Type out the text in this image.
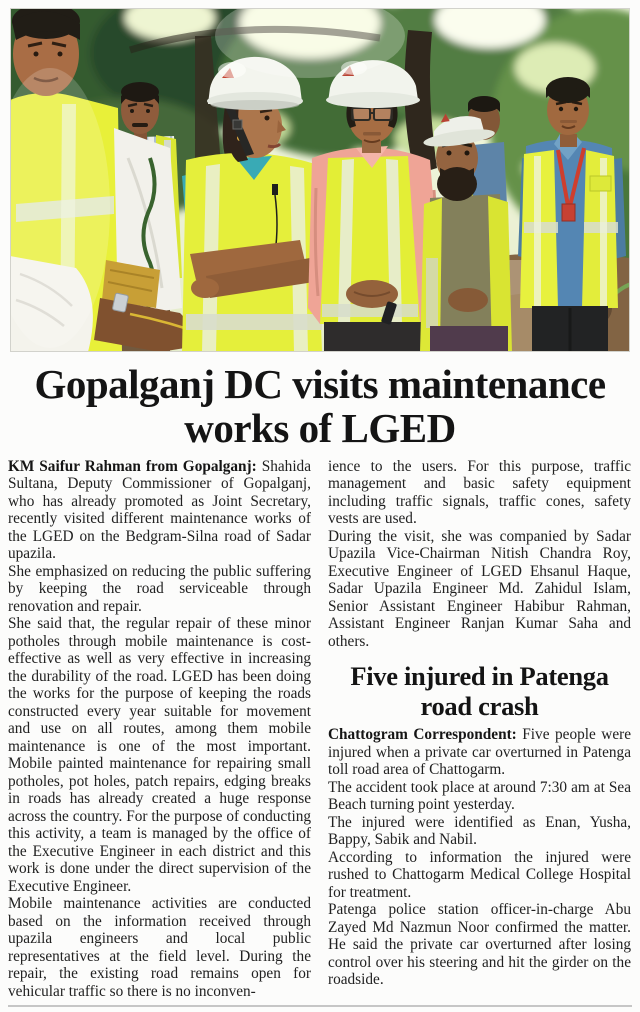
Gopalganj DC visits maintenance
works of LGED

KM Saifur Rahman from Gopalganj: Shahida Sultana, Deputy Commissioner of Gopalganj, who has already promoted as Joint Secretary, recently visited different maintenance works of the LGED on the Bedgram-Silna road of Sadar upazila.

She emphasized on reducing the public suffering by keeping the road serviceable through renovation and repair.

She said that, the regular repair of these minor potholes through mobile maintenance is cost-effective as well as very effective in increasing the durability of the road. LGED has been doing the works for the purpose of keeping the roads constructed every year suitable for movement and use on all routes, among them mobile maintenance is one of the most important. Mobile painted maintenance for repairing small potholes, pot holes, patch repairs, edging breaks in roads has already created a huge response across the country. For the purpose of conducting this activity, a team is managed by the office of the Executive Engineer in each district and this work is done under the direct supervision of the Executive Engineer.

Mobile maintenance activities are conducted based on the information received through upazila engineers and local public representatives at the field level. During the repair, the existing road remains open for vehicular traffic so there is no inconven-

ience to the users. For this purpose, traffic management and basic safety equipment including traffic signals, traffic cones, safety vests are used.

During the visit, she was companied by Sadar Upazila Vice-Chairman Nitish Chandra Roy, Executive Engineer of LGED Ehsanul Haque, Sadar Upazila Engineer Md. Zahidul Islam, Senior Assistant Engineer Habibur Rahman, Assistant Engineer Ranjan Kumar Saha and others.

Five injured in Patenga
road crash

Chattogram Correspondent: Five people were injured when a private car overturned in Patenga toll road area of Chattogarm.

The accident took place at around 7:30 am at Sea Beach turning point yesterday.

The injured were identified as Enan, Yusha, Bappy, Sabik and Nabil.

According to information the injured were rushed to Chattogarm Medical College Hospital for treatment.

Patenga police station officer-in-charge Abu Zayed Md Nazmun Noor confirmed the matter. He said the private car overturned after losing control over his steering and hit the girder on the roadside.
